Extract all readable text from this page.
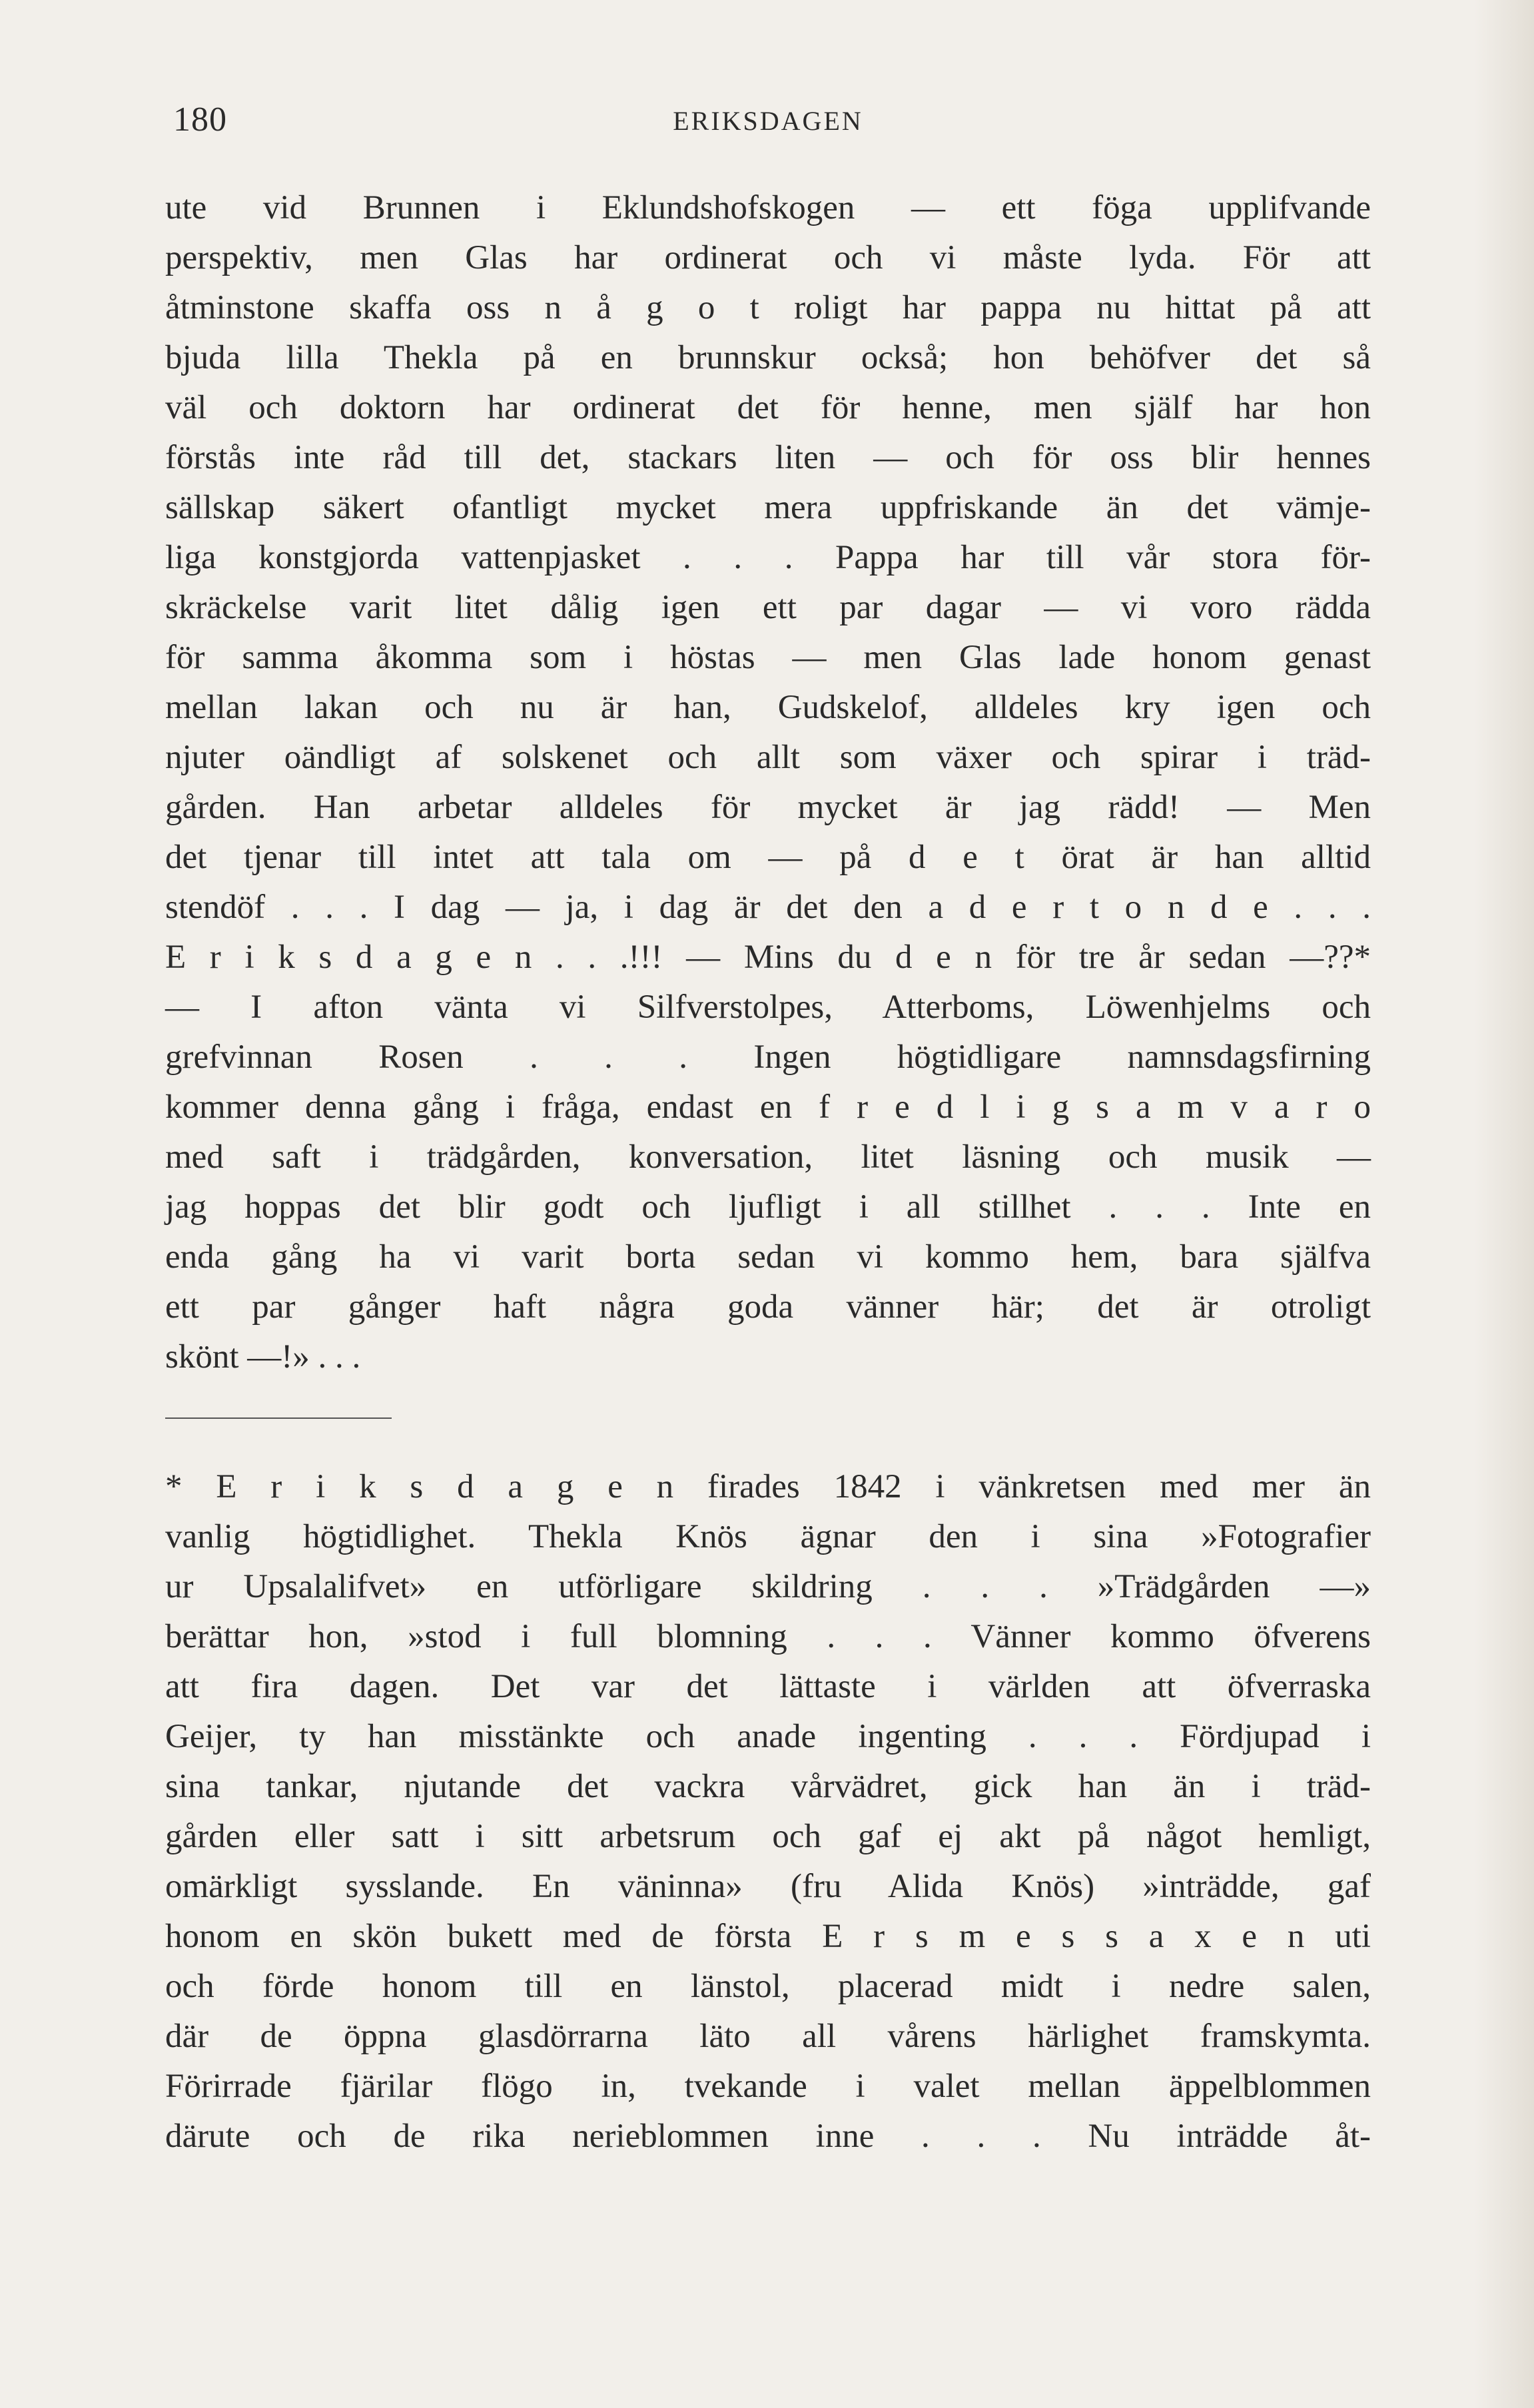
180	ERIKSDAGEN
ute vid Brunnen i Eklundshofskogen — ett föga upplifvande
perspektiv, men Glas har ordinerat och vi måste lyda. För att
åtminstone skaffa oss n å g o t roligt har pappa nu hittat på att
bjuda lilla Thekla på en brunnskur också; hon behöfver det så
väl och doktorn har ordinerat det för henne, men själf har hon
förstås inte råd till det, stackars liten — och för oss blir hennes
sällskap säkert ofantligt mycket mera uppfriskande än det vämje-
liga konstgjorda vattenpjasket . . . Pappa har till vår stora för-
skräckelse varit litet dålig igen ett par dagar — vi voro rädda
för samma åkomma som i höstas — men Glas lade honom genast
mellan lakan och nu är han, Gudskelof, alldeles kry igen och
njuter oändligt af solskenet och allt som växer och spirar i träd-
gården. Han arbetar alldeles för mycket är jag rädd! — Men
det tjenar till intet att tala om — på d e t örat är han alltid
stendöf . . . I dag — ja, i dag är det den a d e r t o n d e . . .
E r i k s d a g e n . . .!!! — Mins du d e n för tre år sedan —??*
— I afton vänta vi Silfverstolpes, Atterboms, Löwenhjelms och
grefvinnan Rosen . . . Ingen högtidligare namnsdagsfirning
kommer denna gång i fråga, endast en f r e d l i g s a m v a r o
med saft i trädgården, konversation, litet läsning och musik —
jag hoppas det blir godt och ljufligt i all stillhet . . . Inte en
enda gång ha vi varit borta sedan vi kommo hem, bara själfva
ett par gånger haft några goda vänner här; det är otroligt
skönt —!» . . .
* E r i k s d a g e n firades 1842 i vänkretsen med mer än
vanlig högtidlighet. Thekla Knös ägnar den i sina »Fotografier
ur Upsalalifvet» en utförligare skildring . . . »Trädgården —»
berättar hon, »stod i full blomning . . . Vänner kommo öfverens
att fira dagen. Det var det lättaste i världen att öfverraska
Geijer, ty han misstänkte och anade ingenting . . . Fördjupad i
sina tankar, njutande det vackra vårvädret, gick han än i träd-
gården eller satt i sitt arbetsrum och gaf ej akt på något hemligt,
omärkligt sysslande. En väninna» (fru Alida Knös) »inträdde, gaf
honom en skön bukett med de första E r s m e s s a x e n uti
och förde honom till en länstol, placerad midt i nedre salen,
där de öppna glasdörrarna läto all vårens härlighet framskymta.
Förirrade fjärilar flögo in, tvekande i valet mellan äppelblommen
därute och de rika nerieblommen inne . . . Nu inträdde åt-
